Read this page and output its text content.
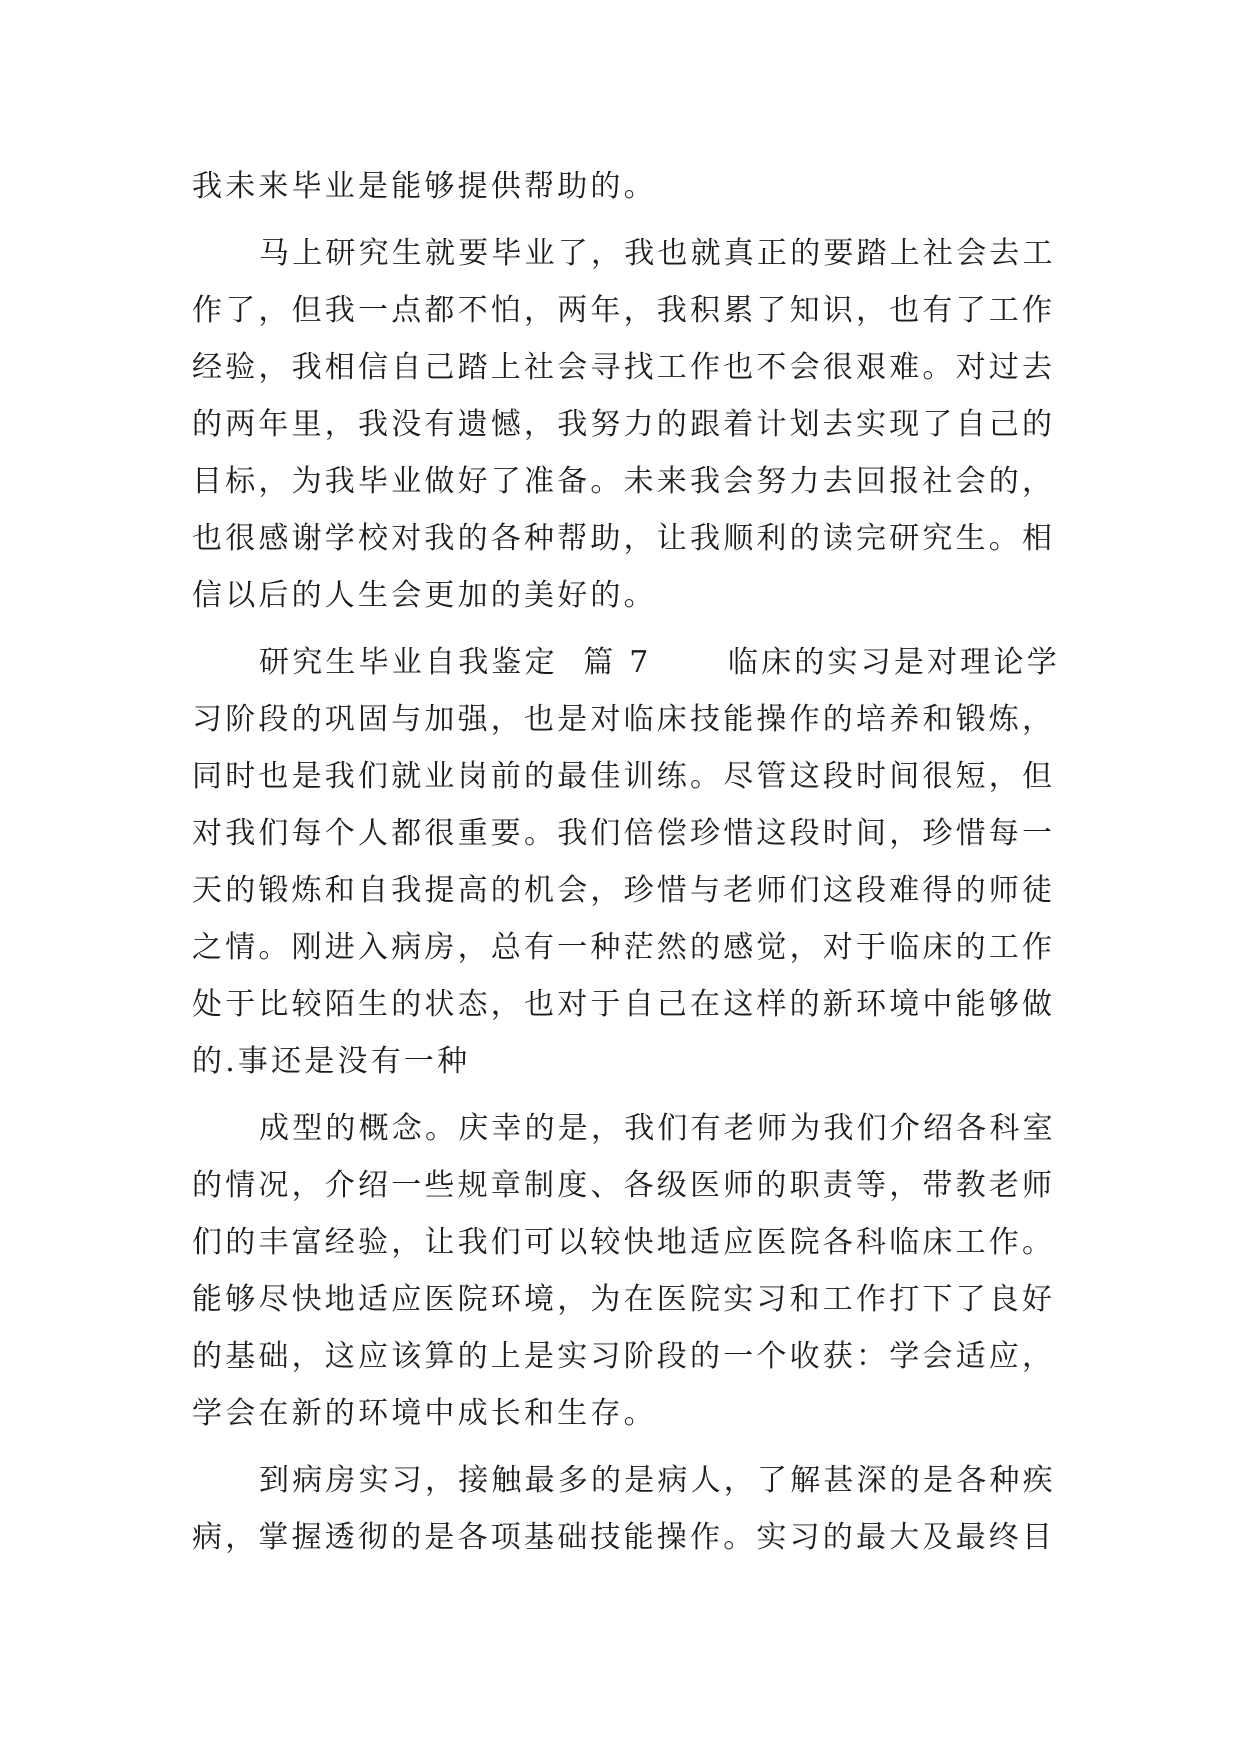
我未来毕业是能够提供帮助的。
马上研究生就要毕业了，我也就真正的要踏上社会去工
作了，但我一点都不怕，两年，我积累了知识，也有了工作
经验，我相信自己踏上社会寻找工作也不会很艰难。对过去
的两年里，我没有遗憾，我努力的跟着计划去实现了自己的
目标，为我毕业做好了准备。未来我会努力去回报社会的，
也很感谢学校对我的各种帮助，让我顺利的读完研究生。相
信以后的人生会更加的美好的。
研究生毕业自我鉴定  篇 7      临床的实习是对理论学
习阶段的巩固与加强，也是对临床技能操作的培养和锻炼，
同时也是我们就业岗前的最佳训练。尽管这段时间很短，但
对我们每个人都很重要。我们倍偿珍惜这段时间，珍惜每一
天的锻炼和自我提高的机会，珍惜与老师们这段难得的师徒
之情。刚进入病房，总有一种茫然的感觉，对于临床的工作
处于比较陌生的状态，也对于自己在这样的新环境中能够做
的.事还是没有一种
成型的概念。庆幸的是，我们有老师为我们介绍各科室
的情况，介绍一些规章制度、各级医师的职责等，带教老师
们的丰富经验，让我们可以较快地适应医院各科临床工作。
能够尽快地适应医院环境，为在医院实习和工作打下了良好
的基础，这应该算的上是实习阶段的一个收获：学会适应，
学会在新的环境中成长和生存。
到病房实习，接触最多的是病人，了解甚深的是各种疾
病，掌握透彻的是各项基础技能操作。实习的最大及最终目
